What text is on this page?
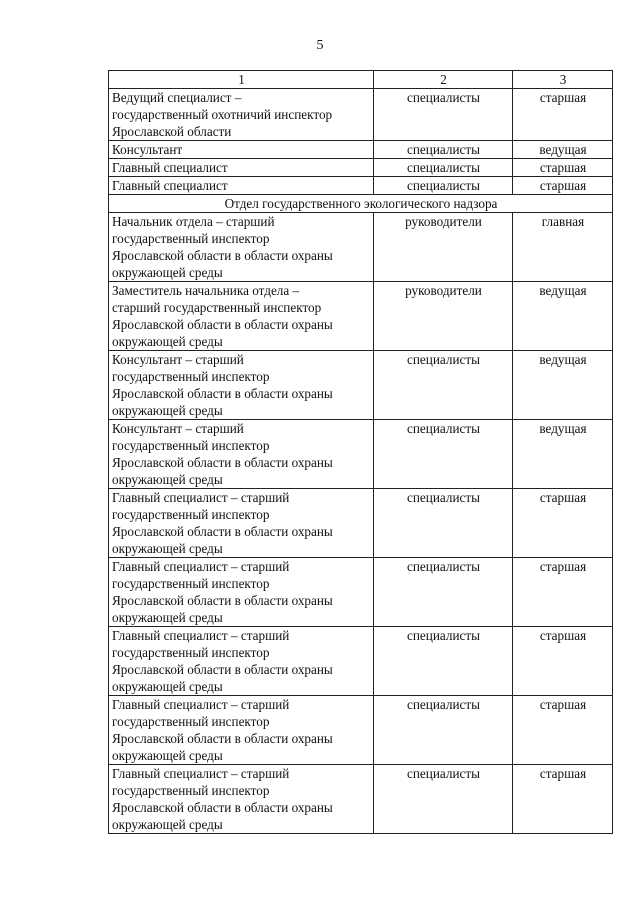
5
1	2	3
Ведущий специалист –
государственный охотничий инспектор
Ярославской области	специалисты	старшая
Консультант	специалисты	ведущая
Главный специалист	специалисты	старшая
Главный специалист	специалисты	старшая
Отдел государственного экологического надзора		
Начальник отдела – старший
государственный инспектор
Ярославской области в области охраны
окружающей среды	руководители	главная
Заместитель начальника отдела –
старший государственный инспектор
Ярославской области в области охраны
окружающей среды	руководители	ведущая
Консультант – старший
государственный инспектор
Ярославской области в области охраны
окружающей среды	специалисты	ведущая
Консультант – старший
государственный инспектор
Ярославской области в области охраны
окружающей среды	специалисты	ведущая
Главный специалист – старший
государственный инспектор
Ярославской области в области охраны
окружающей среды	специалисты	старшая
Главный специалист – старший
государственный инспектор
Ярославской области в области охраны
окружающей среды	специалисты	старшая
Главный специалист – старший
государственный инспектор
Ярославской области в области охраны
окружающей среды	специалисты	старшая
Главный специалист – старший
государственный инспектор
Ярославской области в области охраны
окружающей среды	специалисты	старшая
Главный специалист – старший
государственный инспектор
Ярославской области в области охраны
окружающей среды	специалисты	старшая
